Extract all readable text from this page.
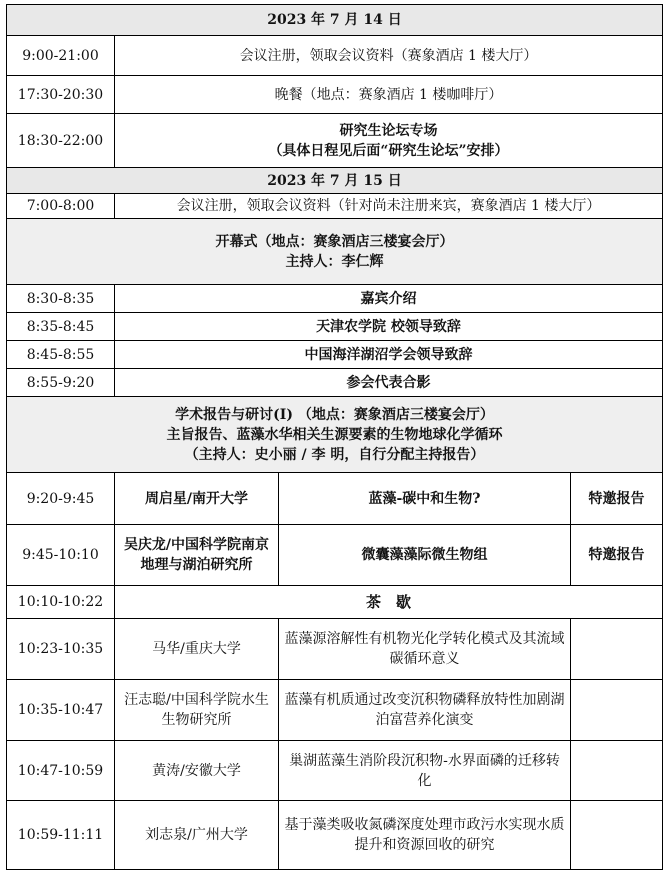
2023 年 7 月 14 日			
9:00-21:00	会议注册，领取会议资料（赛象酒店 1 楼大厅）		
17:30-20:30	晚餐（地点：赛象酒店 1 楼咖啡厅）		
18:30-22:00	研究生论坛专场
（具体日程见后面“研究生论坛”安排）		

2023 年 7 月 15 日			
7:00-8:00	会议注册，领取会议资料（针对尚未注册来宾，赛象酒店 1 楼大厅）		

开幕式（地点：赛象酒店三楼宴会厅）
主持人：李仁辉			

8:30-8:35	嘉宾介绍		
8:35-8:45	天津农学院 校领导致辞		
8:45-8:55	中国海洋湖沼学会领导致辞		
8:55-9:20	参会代表合影		

学术报告与研讨(I) （地点：赛象酒店三楼宴会厅）
主旨报告、蓝藻水华相关生源要素的生物地球化学循环
（主持人：史小丽 / 李 明，自行分配主持报告）			

9:20-9:45	周启星/南开大学	蓝藻-碳中和生物?	特邀报告
9:45-10:10	吴庆龙/中国科学院南京地理与湖泊研究所	微囊藻藻际微生物组	特邀报告
10:10-10:22	茶　歇		
10:23-10:35	马华/重庆大学	蓝藻源溶解性有机物光化学转化模式及其流域碳循环意义	
10:35-10:47	汪志聪/中国科学院水生生物研究所	蓝藻有机质通过改变沉积物磷释放特性加剧湖泊富营养化演变	
10:47-10:59	黄涛/安徽大学	巢湖蓝藻生消阶段沉积物-水界面磷的迁移转化	
10:59-11:11	刘志泉/广州大学	基于藻类吸收氮磷深度处理市政污水实现水质提升和资源回收的研究	
